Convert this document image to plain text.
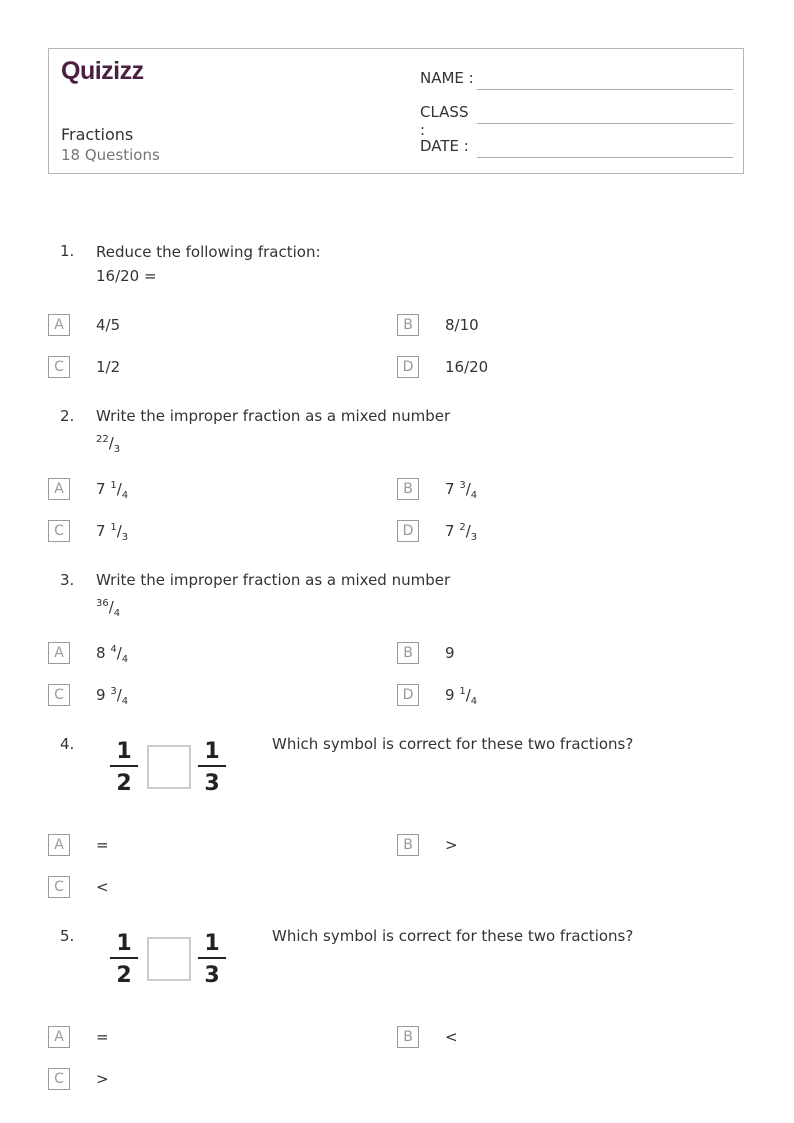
Quizizz
Fractions
18 Questions
NAME :
CLASS :
DATE :
1. Reduce the following fraction:
16/20 =
A	4/5	B	8/10
C	1/2	D	16/20
2. Write the improper fraction as a mixed number
$^{22}/_3$
A	7 $^1/_4$	B	7 $^3/_4$
C	7 $^1/_3$	D	7 $^2/_3$
3. Write the improper fraction as a mixed number
$^{36}/_4$
A	8 $^4/_4$	B	9
C	9 $^3/_4$	D	9 $^1/_4$
4. 1
2
1
3
Which symbol is correct for these two fractions?
A	=	B	>
C	<
5. 1
2
1
3
Which symbol is correct for these two fractions?
A	=	B	<
C	>
